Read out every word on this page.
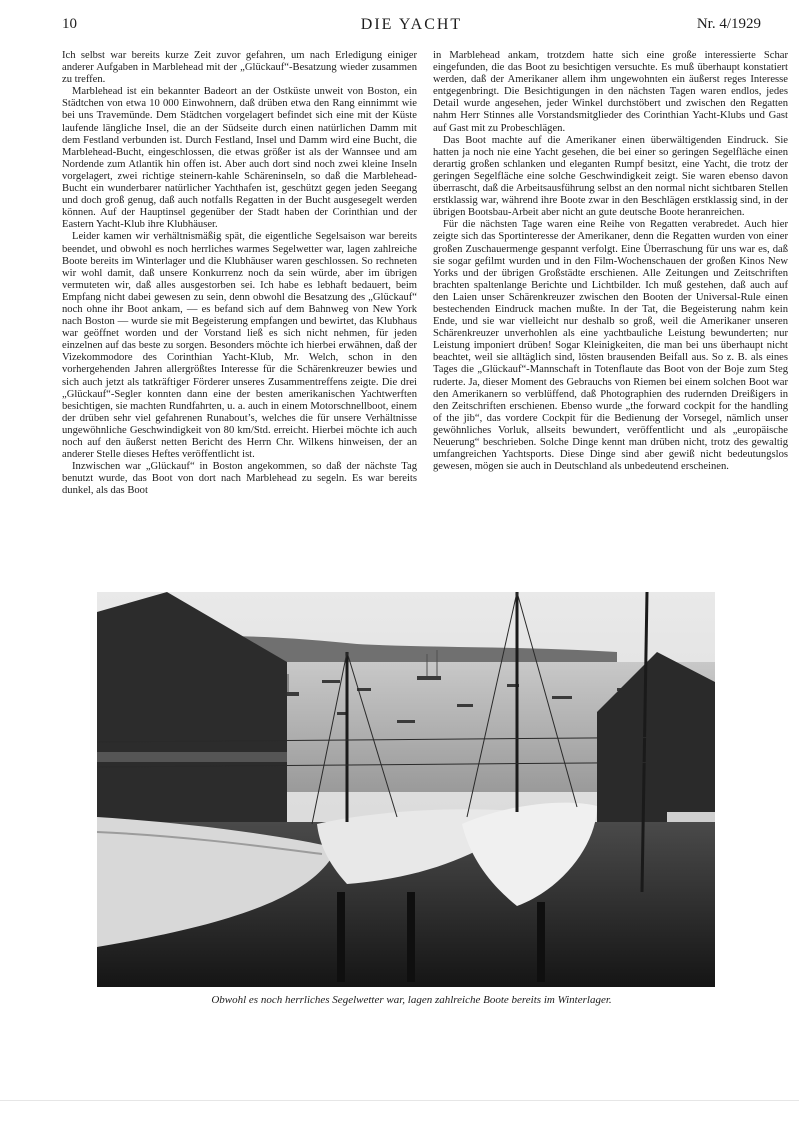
10	DIE YACHT	Nr. 4/1929

Ich selbst war bereits kurze Zeit zuvor gefahren, um nach Erledigung einiger anderer Aufgaben in Marblehead mit der „Glückauf“-Besatzung wieder zusammen zu treffen.

Marblehead ist ein bekannter Badeort an der Ostküste unweit von Boston, ein Städtchen von etwa 10 000 Einwohnern, daß drüben etwa den Rang einnimmt wie bei uns Travemünde. Dem Städtchen vorgelagert befindet sich eine mit der Küste laufende längliche Insel, die an der Südseite durch einen natürlichen Damm mit dem Festland verbunden ist. Durch Festland, Insel und Damm wird eine Bucht, die Marblehead-Bucht, eingeschlossen, die etwas größer ist als der Wannsee und am Nordende zum Atlantik hin offen ist. Aber auch dort sind noch zwei kleine Inseln vorgelagert, zwei richtige steinern-kahle Schäreninseln, so daß die Marblehead-Bucht ein wunderbarer natürlicher Yachthafen ist, geschützt gegen jeden Seegang und doch groß genug, daß auch notfalls Regatten in der Bucht ausgesegelt werden können. Auf der Hauptinsel gegenüber der Stadt haben der Corinthian und der Eastern Yacht-Klub ihre Klubhäuser.

Leider kamen wir verhältnismäßig spät, die eigentliche Segelsaison war bereits beendet, und obwohl es noch herrliches warmes Segelwetter war, lagen zahlreiche Boote bereits im Winterlager und die Klubhäuser waren geschlossen. So rechneten wir wohl damit, daß unsere Konkurrenz noch da sein würde, aber im übrigen vermuteten wir, daß alles ausgestorben sei. Ich habe es lebhaft bedauert, beim Empfang nicht dabei gewesen zu sein, denn obwohl die Besatzung des „Glückauf“ noch ohne ihr Boot ankam, — es befand sich auf dem Bahnweg von New York nach Boston — wurde sie mit Begeisterung empfangen und bewirtet, das Klubhaus war geöffnet worden und der Vorstand ließ es sich nicht nehmen, für jeden einzelnen auf das beste zu sorgen. Besonders möchte ich hierbei erwähnen, daß der Vizekommodore des Corinthian Yacht-Klub, Mr. Welch, schon in den vorhergehenden Jahren allergrößtes Interesse für die Schärenkreuzer bewies und sich auch jetzt als tatkräftiger Förderer unseres Zusammentreffens zeigte. Die drei „Glückauf“-Segler konnten dann eine der besten amerikanischen Yachtwerften besichtigen, sie machten Rundfahrten, u. a. auch in einem Motorschnellboot, einem der drüben sehr viel gefahrenen Runabout’s, welches die für unsere Verhältnisse ungewöhnliche Geschwindigkeit von 80 km/Std. erreicht. Hierbei möchte ich auch noch auf den äußerst netten Bericht des Herrn Chr. Wilkens hinweisen, der an anderer Stelle dieses Heftes veröffentlicht ist.

Inzwischen war „Glückauf“ in Boston angekommen, so daß der nächste Tag benutzt wurde, das Boot von dort nach Marblehead zu segeln. Es war bereits dunkel, als das Boot

in Marblehead ankam, trotzdem hatte sich eine große interessierte Schar eingefunden, die das Boot zu besichtigen versuchte. Es muß überhaupt konstatiert werden, daß der Amerikaner allem ihm ungewohnten ein äußerst reges Interesse entgegenbringt. Die Besichtigungen in den nächsten Tagen waren endlos, jedes Detail wurde angesehen, jeder Winkel durchstöbert und zwischen den Regatten nahm Herr Stinnes alle Vorstandsmitglieder des Corinthian Yacht-Klubs und Gast auf Gast mit zu Probeschlägen.

Das Boot machte auf die Amerikaner einen überwältigenden Eindruck. Sie hatten ja noch nie eine Yacht gesehen, die bei einer so geringen Segelfläche einen derartig großen schlanken und eleganten Rumpf besitzt, eine Yacht, die trotz der geringen Segelfläche eine solche Geschwindigkeit zeigt. Sie waren ebenso davon überrascht, daß die Arbeitsausführung selbst an den normal nicht sichtbaren Stellen erstklassig war, während ihre Boote zwar in den Beschlägen erstklassig sind, in der übrigen Bootsbau-Arbeit aber nicht an gute deutsche Boote heranreichen.

Für die nächsten Tage waren eine Reihe von Regatten verabredet. Auch hier zeigte sich das Sportinteresse der Amerikaner, denn die Regatten wurden von einer großen Zuschauermenge gespannt verfolgt. Eine Überraschung für uns war es, daß sie sogar gefilmt wurden und in den Film-Wochenschauen der großen Kinos New Yorks und der übrigen Großstädte erschienen. Alle Zeitungen und Zeitschriften brachten spaltenlange Berichte und Lichtbilder. Ich muß gestehen, daß auch auf den Laien unser Schärenkreuzer zwischen den Booten der Universal-Rule einen bestechenden Eindruck machen mußte. In der Tat, die Begeisterung nahm kein Ende, und sie war vielleicht nur deshalb so groß, weil die Amerikaner unseren Schärenkreuzer unverhohlen als eine yachtbauliche Leistung bewunderten; nur Leistung imponiert drüben! Sogar Kleinigkeiten, die man bei uns überhaupt nicht beachtet, weil sie alltäglich sind, lösten brausenden Beifall aus. So z. B. als eines Tages die „Glückauf“-Mannschaft in Totenflaute das Boot von der Boje zum Steg ruderte. Ja, dieser Moment des Gebrauchs von Riemen bei einem solchen Boot war den Amerikanern so verblüffend, daß Photographien des rudernden Dreißigers in den Zeitschriften erschienen. Ebenso wurde „the forward cockpit for the handling of the jib“, das vordere Cockpit für die Bedienung der Vorsegel, nämlich unser gewöhnliches Vorluk, allseits bewundert, veröffentlicht und als „europäische Neuerung“ beschrieben. Solche Dinge kennt man drüben nicht, trotz des gewaltig umfangreichen Yachtsports. Diese Dinge sind aber gewiß nicht bedeutungslos gewesen, mögen sie auch in Deutschland als unbedeutend erscheinen.

Obwohl es noch herrliches Segelwetter war, lagen zahlreiche Boote bereits im Winterlager.
